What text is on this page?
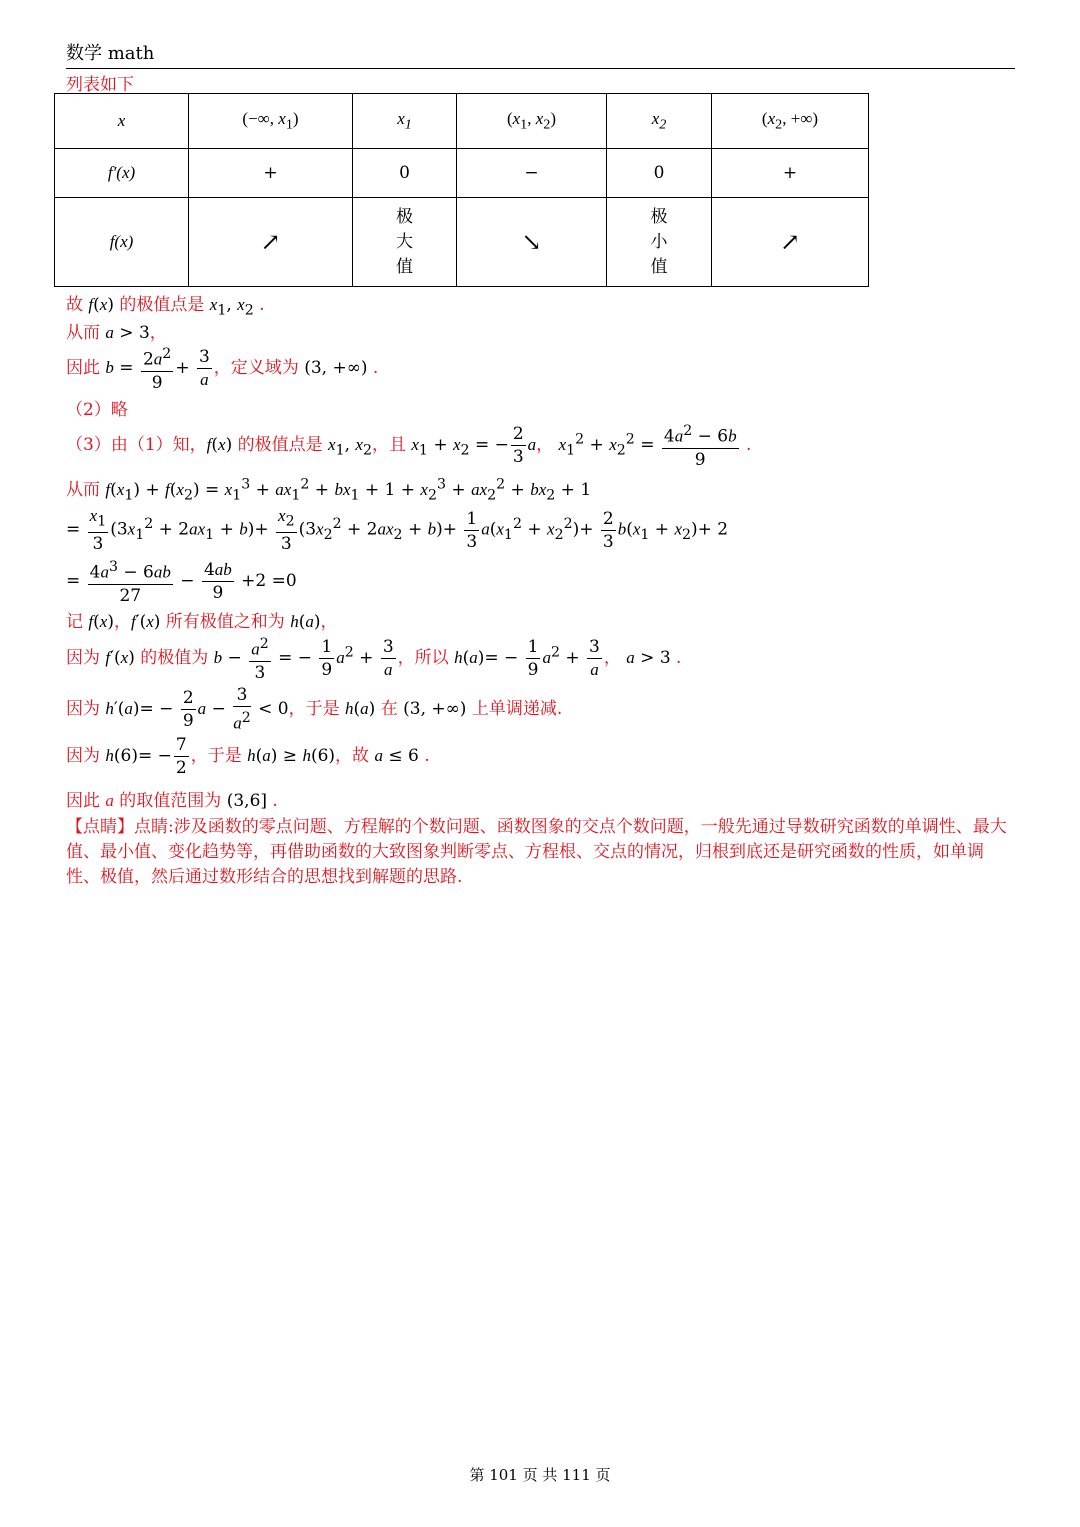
数学 math
列表如下
x	(−∞, $x_1$)	$x_1$	($x_1$, $x_2$)	$x_2$	($x_2$, +∞)
f′(x)	+	0	−	0	+
f(x)	↗	极
大
值	↘	极
小
值	↗
故 f(x) 的极值点是 $x_1$, $x_2$ .
从而 a > 3，
因此 $b = \frac{2a^2}{9} + \frac{3}{a}$ ，定义域为 (3, +∞) .
（2）略
（3）由（1）知，f(x) 的极值点是 $x_1$, $x_2$，且 $x_1 + x_2$ = − $\frac{2}{3}$ a， $x_1^2 + x_2^2 = \frac{4a^2 - 6b}{9}$ .
从而 $f(x_1) + f(x_2) = x_1^3 + ax_1^2 + bx_1 + 1 + x_2^3 + ax_2^2 + bx_2 + 1$
= $\frac{x_1}{3} (3x_1^2 + 2ax_1 + b)+ \frac{x_2}{3} (3x_2^2 + 2ax_2 + b)+ \frac{1}{3} a(x_1^2 + x_2^2)+ \frac{2}{3} b(x_1 + x_2)+ 2$
= $\frac{4a^3 - 6ab}{27} - \frac{4ab}{9} +2 =0$
记 f(x)，f′(x) 所有极值之和为 h(a)，
因为 f′(x) 的极值为 $b - \frac{a^2}{3}$ = − $\frac{1}{9} a^2 + \frac{3}{a}$ ，所以 $h(a)= - \frac{1}{9} a^2 + \frac{3}{a}$ ， a > 3 .
因为 $h'(a)= - \frac{2}{9}$ $a - \frac{3}{a^2} < 0$，于是 h(a) 在 (3, +∞) 上单调递减.
因为 $h(6)= - \frac{7}{2}$ ，于是 h(a) ≥ h(6)，故 a ≤ 6 .
因此 a 的取值范围为 (3,6] .
【点睛】点睛:涉及函数的零点问题、方程解的个数问题、函数图象的交点个数问题，一般先通过导数研究函数的单调性、最大值、最小值、变化趋势等，再借助函数的大致图象判断零点、方程根、交点的情况，归根到底还是研究函数的性质，如单调性、极值，然后通过数形结合的思想找到解题的思路.
第 101 页 共 111 页
